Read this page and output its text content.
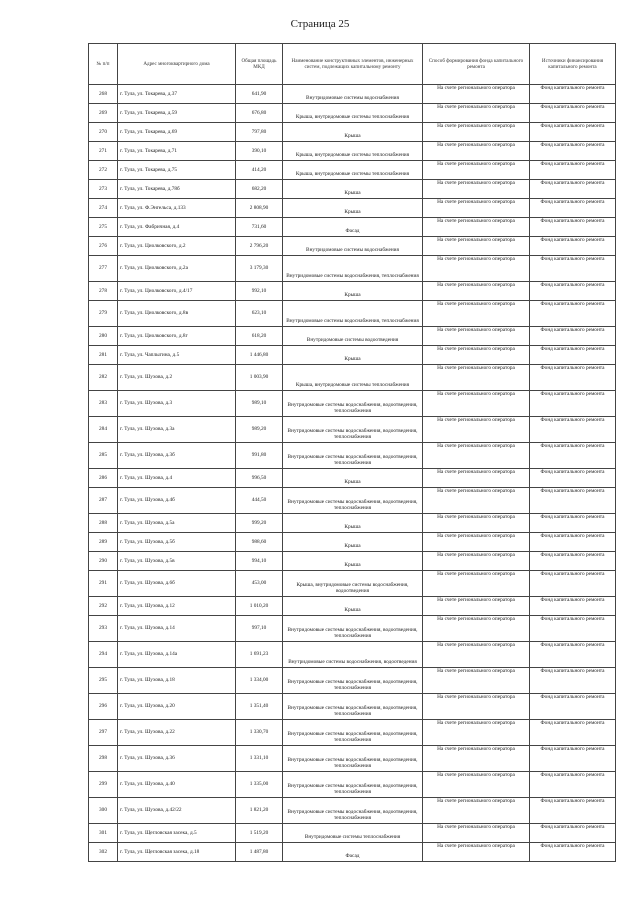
Страница 25
№ п/п	Адрес многоквартирного дома	Общая площадь МКД	Наименование конструктивных элементов, инженерных систем, подлежащих капитальному ремонту	Способ формирования фонда капитального ремонта	Источники финансирования капитального ремонта
268	г. Тула, ул. Токарева, д.37	641,90	Внутридомовые системы водоснабжения	На счете регионального оператора	Фонд капитального ремонта
269	г. Тула, ул. Токарева, д.59	676,80	Крыша, внутридомовые системы теплоснабжения	На счете регионального оператора	Фонд капитального ремонта
270	г. Тула, ул. Токарева, д.69	797,80	Крыша	На счете регионального оператора	Фонд капитального ремонта
271	г. Тула, ул. Токарева, д.71	390,10	Крыша, внутридомовые системы теплоснабжения	На счете регионального оператора	Фонд капитального ремонта
272	г. Тула, ул. Токарева, д.75	414,20	Крыша, внутридомовые системы теплоснабжения	На счете регионального оператора	Фонд капитального ремонта
273	г. Тула, ул. Токарева, д.78б	682,20	Крыша	На счете регионального оператора	Фонд капитального ремонта
274	г. Тула, ул. Ф.Энгельса, д.133	2 808,90	Крыша	На счете регионального оператора	Фонд капитального ремонта
275	г. Тула, ул. Фабричная, д.4	731,60	Фасад	На счете регионального оператора	Фонд капитального ремонта
276	г. Тула, ул. Циолковского, д.2	2 796,20	Внутридомовые системы водоснабжения	На счете регионального оператора	Фонд капитального ремонта
277	г. Тула, ул. Циолковского, д.2а	3 179,30	Внутридомовые системы водоснабжения, теплоснабжения	На счете регионального оператора	Фонд капитального ремонта
278	г. Тула, ул. Циолковского, д.4/17	992,10	Крыша	На счете регионального оператора	Фонд капитального ремонта
279	г. Тула, ул. Циолковского, д.8в	623,10	Внутридомовые системы водоснабжения, теплоснабжения	На счете регионального оператора	Фонд капитального ремонта
280	г. Тула, ул. Циолковского, д.8г	618,20	Внутридомовые системы водоотведения	На счете регионального оператора	Фонд капитального ремонта
281	г. Тула, ул. Чаплыгина, д.5	1 446,80	Крыша	На счете регионального оператора	Фонд капитального ремонта
282	г. Тула, ул. Шухова, д.2	1 003,90	Крыша, внутридомовые системы теплоснабжения	На счете регионального оператора	Фонд капитального ремонта
283	г. Тула, ул. Шухова, д.3	989,10	Внутридомовые системы водоснабжения, водоотведения, теплоснабжения	На счете регионального оператора	Фонд капитального ремонта
284	г. Тула, ул. Шухова, д.3а	989,20	Внутридомовые системы водоснабжения, водоотведения, теплоснабжения	На счете регионального оператора	Фонд капитального ремонта
285	г. Тула, ул. Шухова, д.3б	991,80	Внутридомовые системы водоснабжения, водоотведения, теплоснабжения	На счете регионального оператора	Фонд капитального ремонта
286	г. Тула, ул. Шухова, д.4	996,50	Крыша	На счете регионального оператора	Фонд капитального ремонта
287	г. Тула, ул. Шухова, д.4б	444,50	Внутридомовые системы водоснабжения, водоотведения, теплоснабжения	На счете регионального оператора	Фонд капитального ремонта
288	г. Тула, ул. Шухова, д.5а	999,20	Крыша	На счете регионального оператора	Фонд капитального ремонта
289	г. Тула, ул. Шухова, д.5б	988,60	Крыша	На счете регионального оператора	Фонд капитального ремонта
290	г. Тула, ул. Шухова, д.5в	994,10	Крыша	На счете регионального оператора	Фонд капитального ремонта
291	г. Тула, ул. Шухова, д.6б	453,00	Крыша, внутридомовые системы водоснабжения, водоотведения	На счете регионального оператора	Фонд капитального ремонта
292	г. Тула, ул. Шухова, д.12	1 010,20	Крыша	На счете регионального оператора	Фонд капитального ремонта
293	г. Тула, ул. Шухова, д.14	997,10	Внутридомовые системы водоснабжения, водоотведения, теплоснабжения	На счете регионального оператора	Фонд капитального ремонта
294	г. Тула, ул. Шухова, д.14а	1 691,23	Внутридомовые системы водоснабжения, водоотведения	На счете регионального оператора	Фонд капитального ремонта
295	г. Тула, ул. Шухова, д.18	1 334,00	Внутридомовые системы водоснабжения, водоотведения, теплоснабжения	На счете регионального оператора	Фонд капитального ремонта
296	г. Тула, ул. Шухова, д.20	1 351,40	Внутридомовые системы водоснабжения, водоотведения, теплоснабжения	На счете регионального оператора	Фонд капитального ремонта
297	г. Тула, ул. Шухова, д.22	1 330,70	Внутридомовые системы водоснабжения, водоотведения, теплоснабжения	На счете регионального оператора	Фонд капитального ремонта
298	г. Тула, ул. Шухова, д.36	1 331,10	Внутридомовые системы водоснабжения, водоотведения, теплоснабжения	На счете регионального оператора	Фонд капитального ремонта
299	г. Тула, ул. Шухова, д.40	1 335,00	Внутридомовые системы водоснабжения, водоотведения, теплоснабжения	На счете регионального оператора	Фонд капитального ремонта
300	г. Тула, ул. Шухова, д.42/22	1 821,20	Внутридомовые системы водоснабжения, водоотведения, теплоснабжения	На счете регионального оператора	Фонд капитального ремонта
301	г. Тула, ул. Щегловская засека, д.5	1 519,20	Внутридомовые системы теплоснабжения	На счете регионального оператора	Фонд капитального ремонта
302	г. Тула, ул. Щегловская засека, д.18	1 487,80	Фасад	На счете регионального оператора	Фонд капитального ремонта
